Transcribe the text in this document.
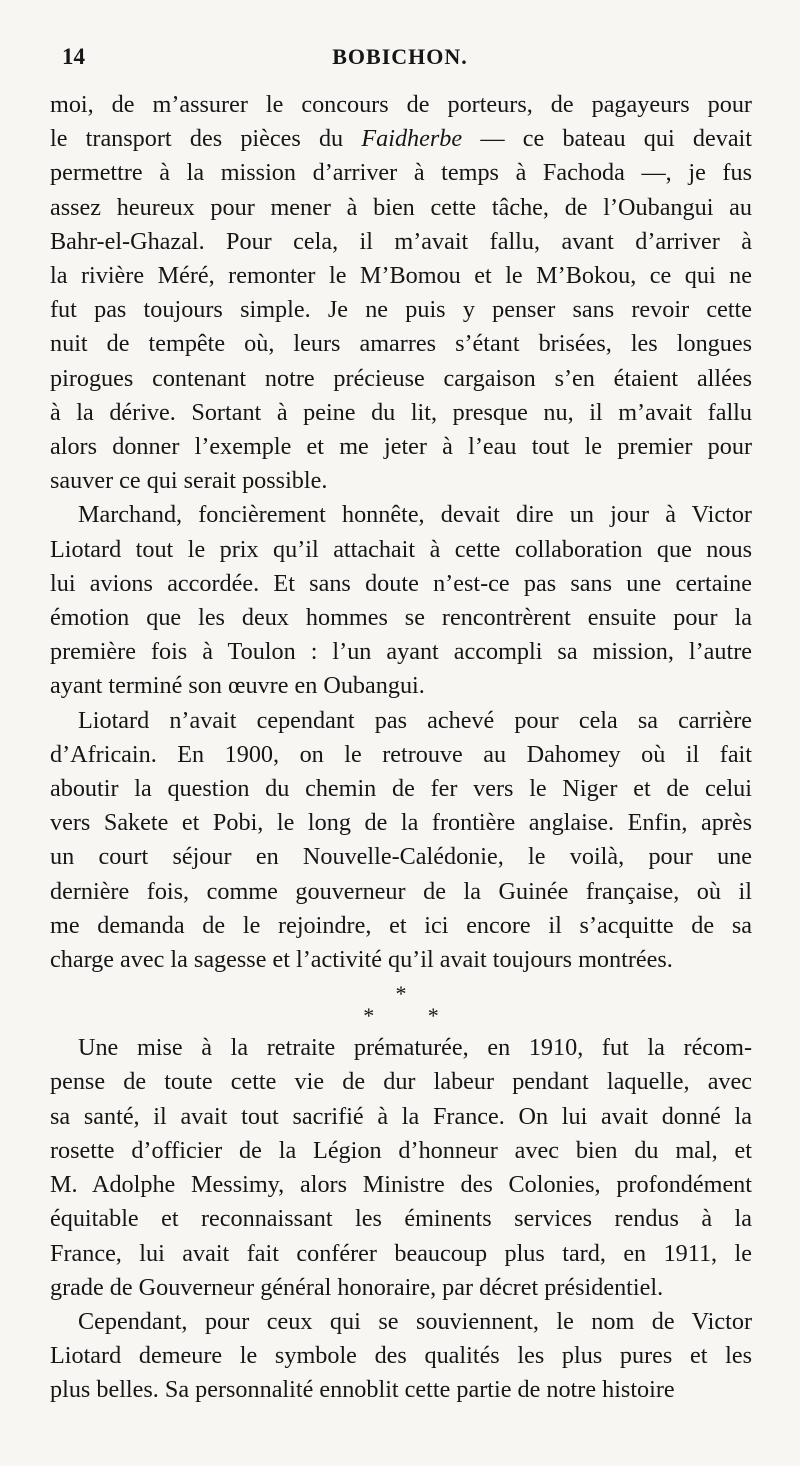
14	BOBICHON.
moi, de m’assurer le concours de porteurs, de pagayeurs pour
le transport des pièces du Faidherbe — ce bateau qui devait
permettre à la mission d’arriver à temps à Fachoda —, je fus
assez heureux pour mener à bien cette tâche, de l’Oubangui au
Bahr-el-Ghazal. Pour cela, il m’avait fallu, avant d’arriver à
la rivière Méré, remonter le M’Bomou et le M’Bokou, ce qui ne
fut pas toujours simple. Je ne puis y penser sans revoir cette
nuit de tempête où, leurs amarres s’étant brisées, les longues
pirogues contenant notre précieuse cargaison s’en étaient allées
à la dérive. Sortant à peine du lit, presque nu, il m’avait fallu
alors donner l’exemple et me jeter à l’eau tout le premier pour
sauver ce qui serait possible.
Marchand, foncièrement honnête, devait dire un jour à Victor
Liotard tout le prix qu’il attachait à cette collaboration que nous
lui avions accordée. Et sans doute n’est-ce pas sans une certaine
émotion que les deux hommes se rencontrèrent ensuite pour la
première fois à Toulon : l’un ayant accompli sa mission, l’autre
ayant terminé son œuvre en Oubangui.
Liotard n’avait cependant pas achevé pour cela sa carrière
d’Africain. En 1900, on le retrouve au Dahomey où il fait
aboutir la question du chemin de fer vers le Niger et de celui
vers Sakete et Pobi, le long de la frontière anglaise. Enfin, après
un court séjour en Nouvelle-Calédonie, le voilà, pour une
dernière fois, comme gouverneur de la Guinée française, où il
me demanda de le rejoindre, et ici encore il s’acquitte de sa
charge avec la sagesse et l’activité qu’il avait toujours montrées.
*
* *
Une mise à la retraite prématurée, en 1910, fut la récom-
pense de toute cette vie de dur labeur pendant laquelle, avec
sa santé, il avait tout sacrifié à la France. On lui avait donné la
rosette d’officier de la Légion d’honneur avec bien du mal, et
M. Adolphe Messimy, alors Ministre des Colonies, profondément
équitable et reconnaissant les éminents services rendus à la
France, lui avait fait conférer beaucoup plus tard, en 1911, le
grade de Gouverneur général honoraire, par décret présidentiel.
Cependant, pour ceux qui se souviennent, le nom de Victor
Liotard demeure le symbole des qualités les plus pures et les
plus belles. Sa personnalité ennoblit cette partie de notre histoire
